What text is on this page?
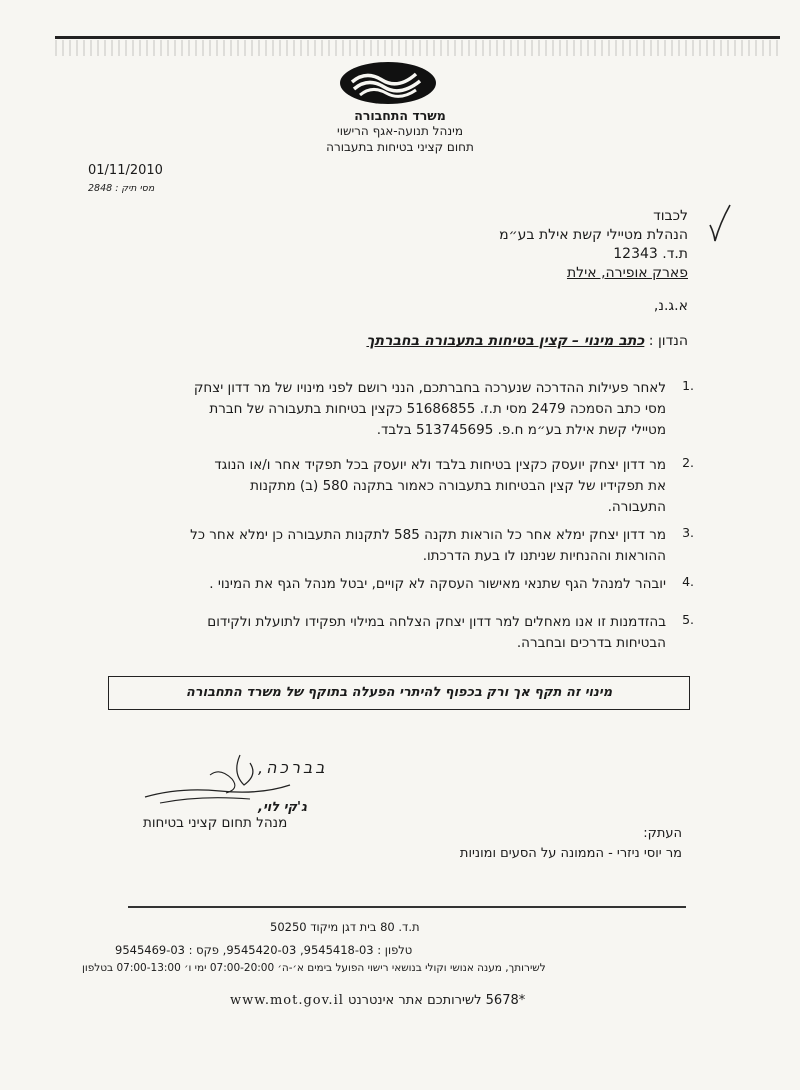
משרד התחבורה
מינהל תנועה-אגף הרישוי
תחום קציני בטיחות בתעבורה
01/11/2010
מסי תיק : 2848
לכבוד
הנהלת מטיילי קשת אילת בע״מ
ת.ד. 12343
פארק אופירה, אילת
א.ג.נ,
הנדון : כתב מינוי – קצין בטיחות בתעבורה בחברתך
1.
לאחר פעילות ההדרכה שנערכה בחברתכם, הנני רושם לפני מינויו של מר דדון יצחק
מסי כתב הסמכה 2479 מסי ת.ז. 51686855 כקצין בטיחות בתעבורה של חברת
מטיילי קשת אילת בע״מ ח.פ. 513745695 בלבד.
2.
מר דדון יצחק יועסק כקצין בטיחות בלבד ולא יועסק בכל תפקיד אחר ו/או הנוגד
את תפקידיו של קצין הבטיחות בתעבורה כאמור בתקנה 580 (ב) מתקנות
התעבורה.
3.
מר דדון יצחק ימלא אחר כל הוראות תקנה 585 לתקנות התעבורה כן ימלא אחר כל
ההוראות וההנחיות שניתנו לו בעת הדרכתו.
4.
יובהר למנהל הגף שתנאי מאישור העסקה לא קויים, יבטל מנהל הגף את המינוי .
5.
בהזדמנות זו אנו מאחלים למר דדון יצחק הצלחה במילוי תפקידו לתועלת ולקידום
הבטיחות בדרכים ובחברה.
מינוי זה תקף אך ורק בכפוף להיתרי הפעלה בתוקף של משרד התחבורה
בברכה,
ג'קי לוי,
מנהל תחום קציני בטיחות
העתק:
מר יוסי ניזרי - הממונה על הסעים ומוניות
ת.ד. 80 בית דגן מיקוד 50250
טלפון : 9545418-03, 9545420-03, פקס : 9545469-03
לשירותך, מענה אנושי וקולי בנושאי רישוי הפועל בימים א׳-ה׳ 07:00-20:00 ימי ו׳ 07:00-13:00 בטלפון
*5678 לשירותכם אתר אינטרנט www.mot.gov.il
